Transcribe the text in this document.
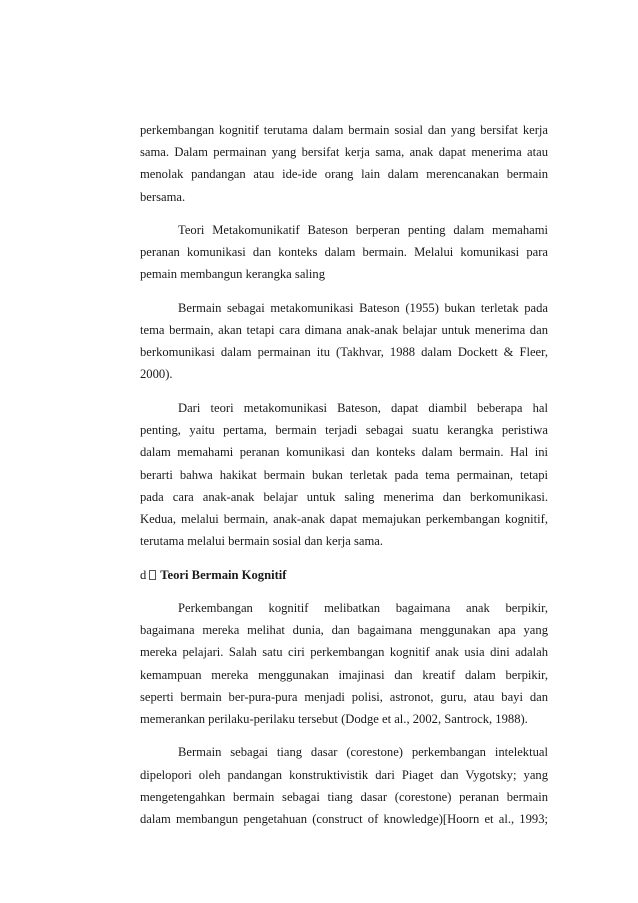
perkembangan kognitif terutama dalam bermain sosial dan yang bersifat kerja
sama. Dalam permainan yang bersifat kerja sama, anak dapat menerima atau
menolak pandangan atau ide-ide orang lain dalam merencanakan bermain
bersama.
Teori Metakomunikatif Bateson berperan penting dalam memahami
peranan komunikasi dan konteks dalam bermain. Melalui komunikasi para
pemain membangun kerangka saling
Bermain sebagai metakomunikasi Bateson (1955) bukan terletak pada
tema bermain, akan tetapi cara dimana anak-anak belajar untuk menerima dan
berkomunikasi dalam permainan itu (Takhvar, 1988 dalam Dockett & Fleer,
2000).
Dari teori metakomunikasi Bateson, dapat diambil beberapa hal
penting, yaitu pertama, bermain terjadi sebagai suatu kerangka peristiwa
dalam memahami peranan komunikasi dan konteks dalam bermain. Hal ini
berarti bahwa hakikat bermain bukan terletak pada tema permainan, tetapi
pada cara anak-anak belajar untuk saling menerima dan berkomunikasi.
Kedua, melalui bermain, anak-anak dapat memajukan perkembangan kognitif,
terutama melalui bermain sosial dan kerja sama.
d Teori Bermain Kognitif
Perkembangan kognitif melibatkan bagaimana anak berpikir,
bagaimana mereka melihat dunia, dan bagaimana menggunakan apa yang
mereka pelajari. Salah satu ciri perkembangan kognitif anak usia dini adalah
kemampuan mereka menggunakan imajinasi dan kreatif dalam berpikir,
seperti bermain ber-pura-pura menjadi polisi, astronot, guru, atau bayi dan
memerankan perilaku-perilaku tersebut (Dodge et al., 2002, Santrock, 1988).
Bermain sebagai tiang dasar (corestone) perkembangan intelektual
dipelopori oleh pandangan konstruktivistik dari Piaget dan Vygotsky; yang
mengetengahkan bermain sebagai tiang dasar (corestone) peranan bermain
dalam membangun pengetahuan (construct of knowledge)[Hoorn et al., 1993;
